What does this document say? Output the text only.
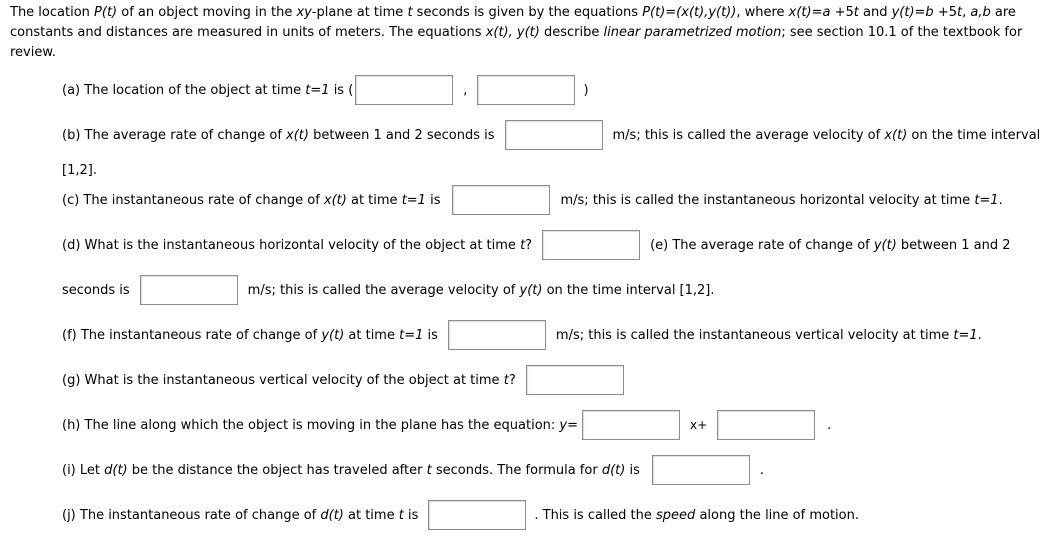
The location P(t) of an object moving in the xy-plane at time t seconds is given by the equations P(t)=(x(t),y(t)), where x(t)=a +5t and y(t)=b +5t, a,b are constants and distances are measured in units of meters. The equations x(t), y(t) describe linear parametrized motion; see section 10.1 of the textbook for review.
(a) The location of the object at time t=1 is (	,	)
(b) The average rate of change of x(t) between 1 and 2 seconds is	m/s; this is called the average velocity of x(t) on the time interval
[1,2].
(c) The instantaneous rate of change of x(t) at time t=1 is	m/s; this is called the instantaneous horizontal velocity at time t=1.
(d) What is the instantaneous horizontal velocity of the object at time t?	(e) The average rate of change of y(t) between 1 and 2
seconds is	m/s; this is called the average velocity of y(t) on the time interval [1,2].
(f) The instantaneous rate of change of y(t) at time t=1 is	m/s; this is called the instantaneous vertical velocity at time t=1.
(g) What is the instantaneous vertical velocity of the object at time t?
(h) The line along which the object is moving in the plane has the equation: y=	x+	.
(i) Let d(t) be the distance the object has traveled after t seconds. The formula for d(t) is	.
(j) The instantaneous rate of change of d(t) at time t is	. This is called the speed along the line of motion.
